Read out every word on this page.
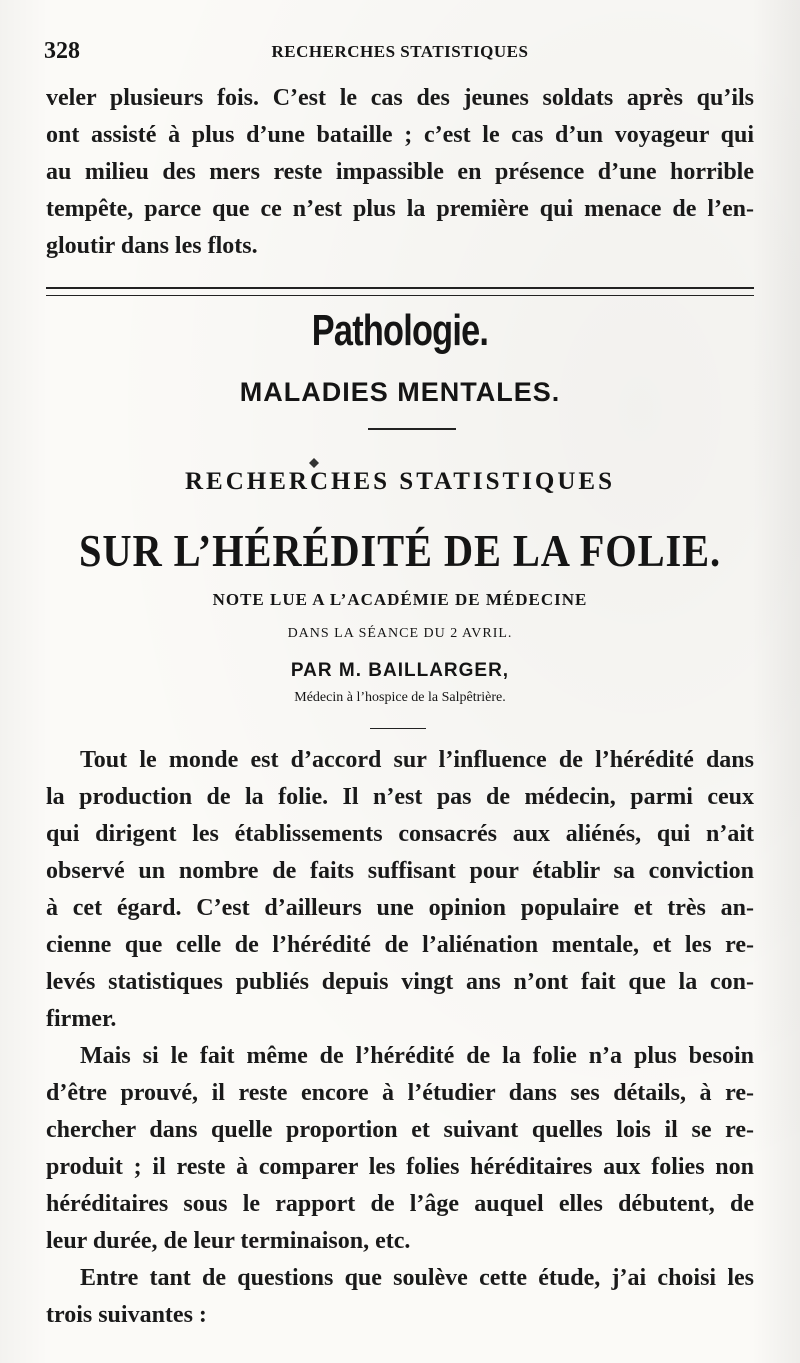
328	RECHERCHES STATISTIQUES
veler plusieurs fois. C’est le cas des jeunes soldats après qu’ils
ont assisté à plus d’une bataille ; c’est le cas d’un voyageur qui
au milieu des mers reste impassible en présence d’une horrible
tempête, parce que ce n’est plus la première qui menace de l’en-
gloutir dans les flots.
Pathologie.
MALADIES MENTALES.
RECHERCHES STATISTIQUES
SUR L’HÉRÉDITÉ DE LA FOLIE.
NOTE LUE A L’ACADÉMIE DE MÉDECINE
DANS LA SÉANCE DU 2 AVRIL.
PAR M. BAILLARGER,
Médecin à l’hospice de la Salpêtrière.
Tout le monde est d’accord sur l’influence de l’hérédité dans
la production de la folie. Il n’est pas de médecin, parmi ceux
qui dirigent les établissements consacrés aux aliénés, qui n’ait
observé un nombre de faits suffisant pour établir sa conviction
à cet égard. C’est d’ailleurs une opinion populaire et très an-
cienne que celle de l’hérédité de l’aliénation mentale, et les re-
levés statistiques publiés depuis vingt ans n’ont fait que la con-
firmer.
Mais si le fait même de l’hérédité de la folie n’a plus besoin
d’être prouvé, il reste encore à l’étudier dans ses détails, à re-
chercher dans quelle proportion et suivant quelles lois il se re-
produit ; il reste à comparer les folies héréditaires aux folies non
héréditaires sous le rapport de l’âge auquel elles débutent, de
leur durée, de leur terminaison, etc.
Entre tant de questions que soulève cette étude, j’ai choisi les
trois suivantes :
